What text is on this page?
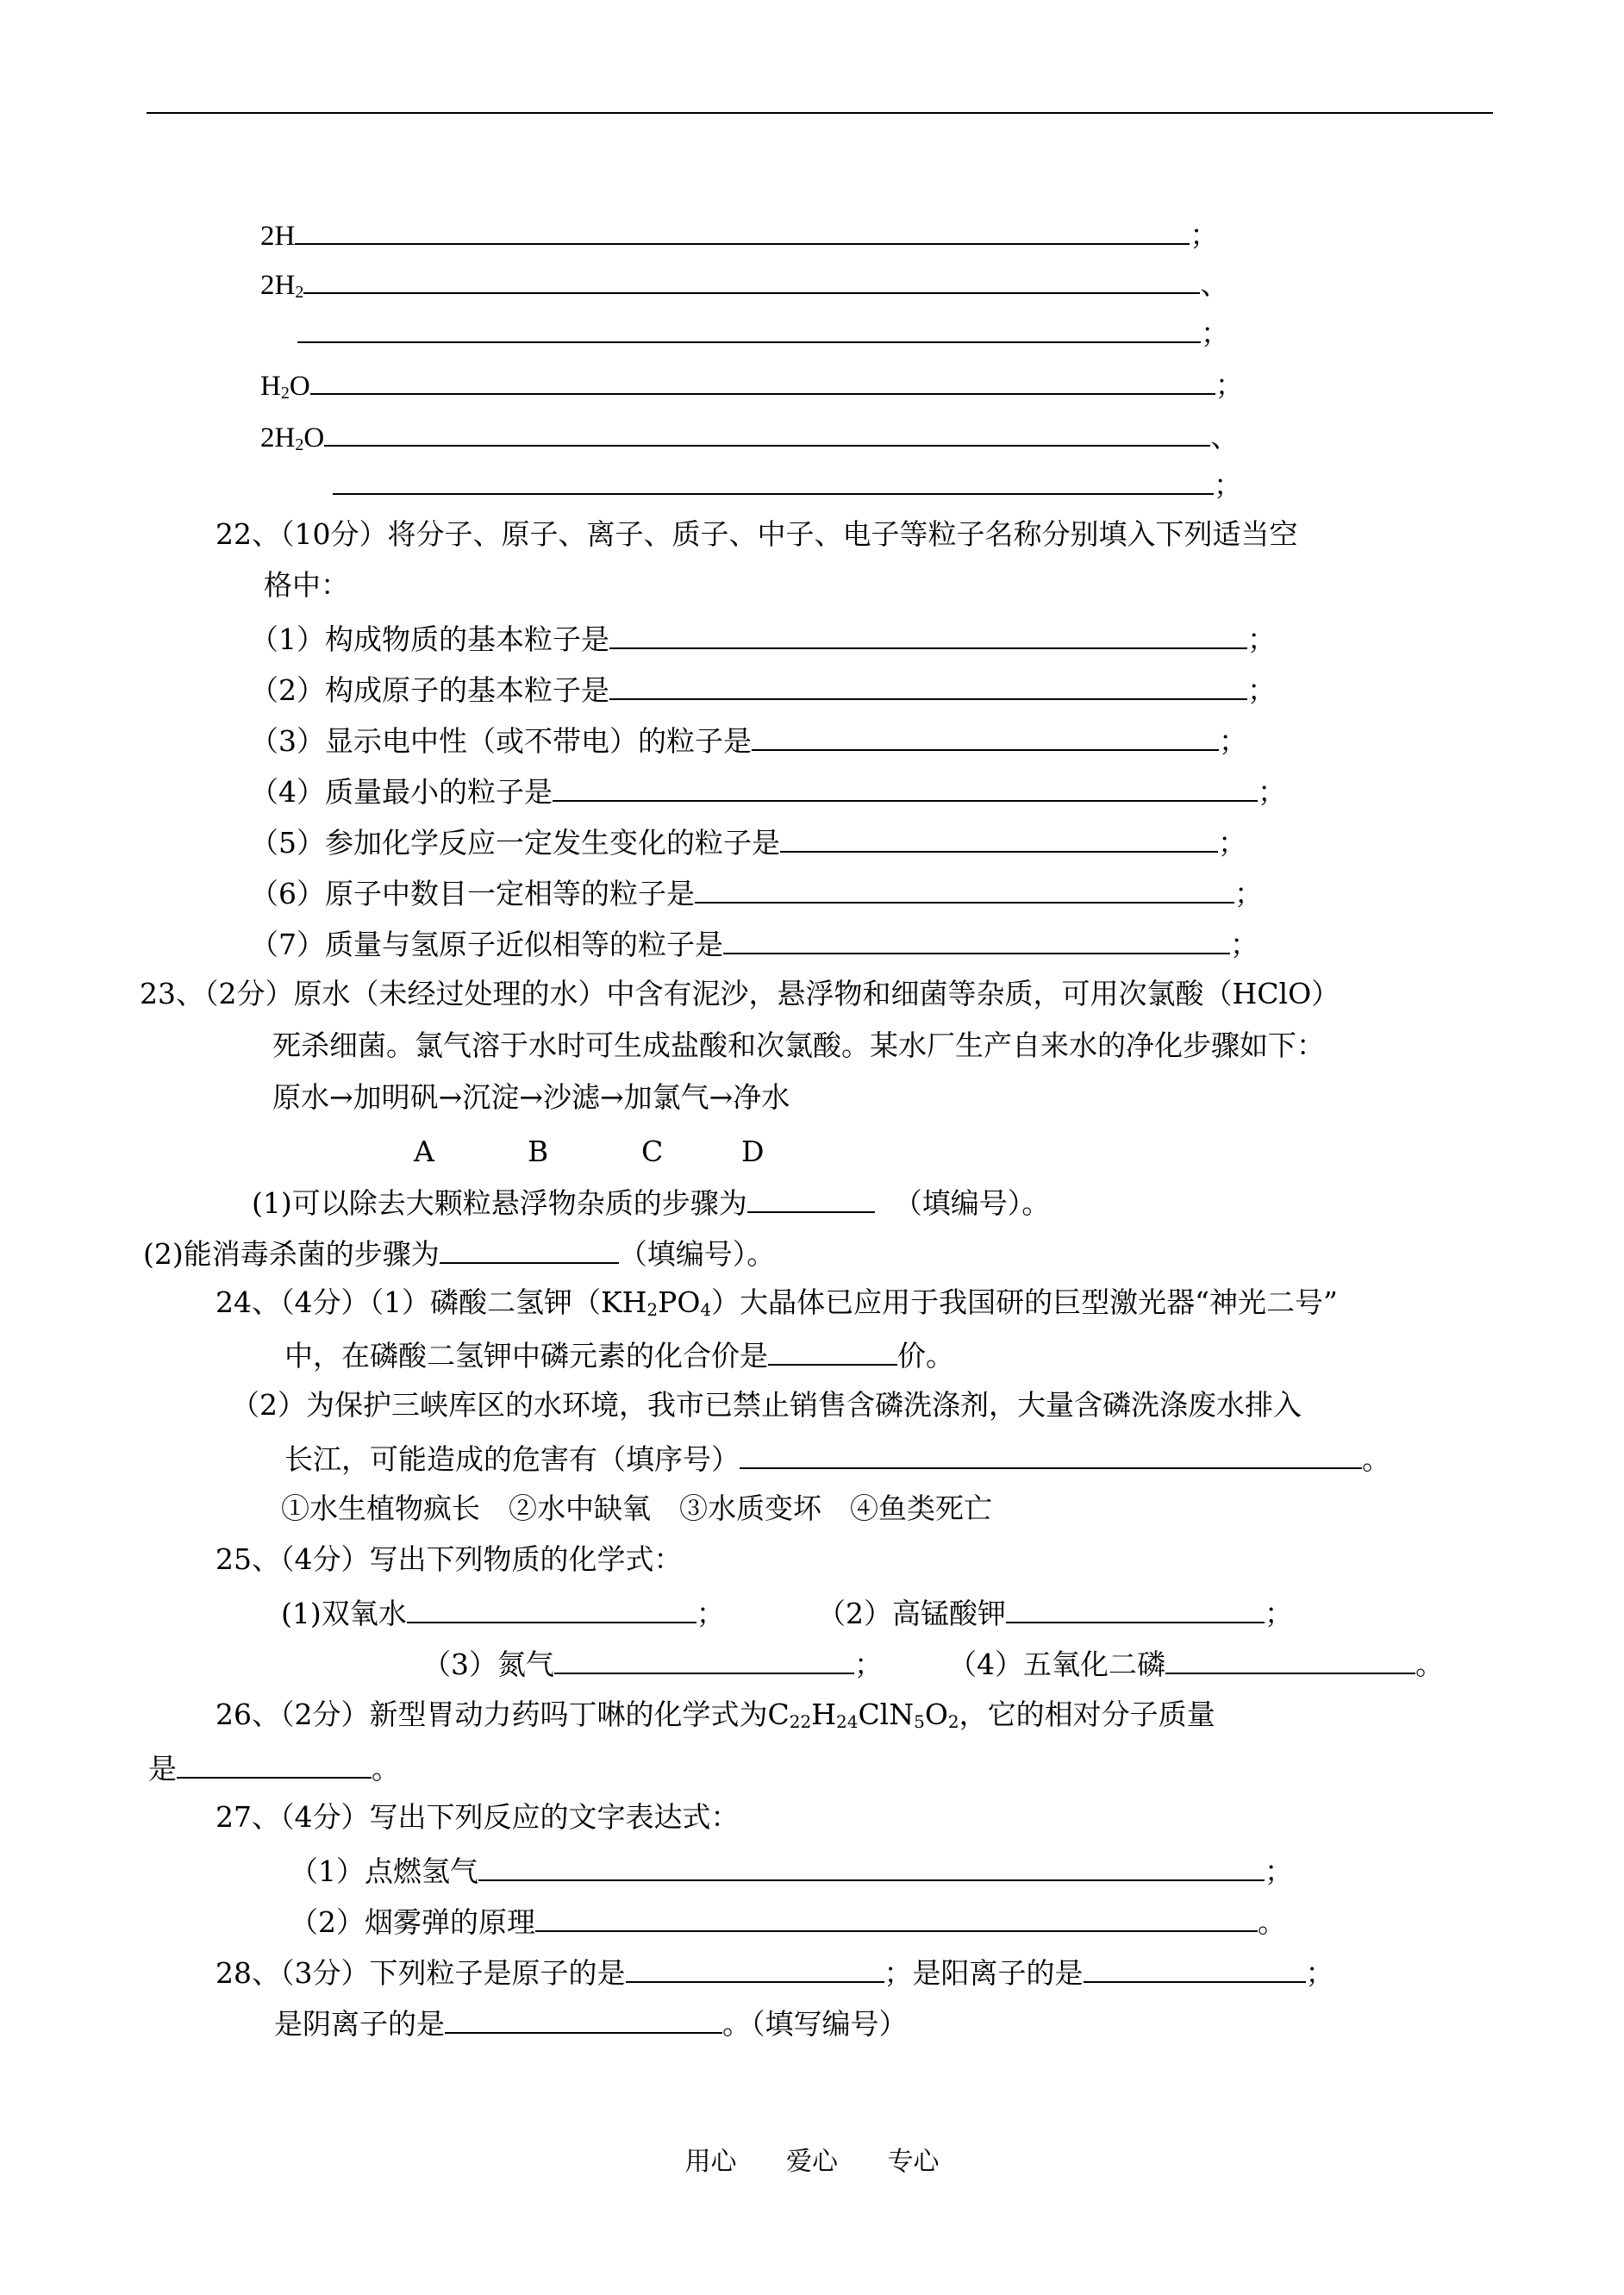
2H	；
$2H_2$	、
；
$H_2O$	；
$2H_2O$	、
；
22、（10分）将分子、原子、离子、质子、中子、电子等粒子名称分别填入下列适当空
格中：
（1）构成物质的基本粒子是	；
（2）构成原子的基本粒子是	；
（3）显示电中性（或不带电）的粒子是	；
（4）质量最小的粒子是	；
（5）参加化学反应一定发生变化的粒子是	；
（6）原子中数目一定相等的粒子是	；
（7）质量与氢原子近似相等的粒子是	；
23、（2分）原水（未经过处理的水）中含有泥沙，悬浮物和细菌等杂质，可用次氯酸（HClO）
死杀细菌。氯气溶于水时可生成盐酸和次氯酸。某水厂生产自来水的净化步骤如下：
原水→加明矾→沉淀→沙滤→加氯气→净水
A	B	C	D
(1)可以除去大颗粒悬浮物杂质的步骤为	（填编号）。
(2)能消毒杀菌的步骤为	（填编号）。
24、（4分）（1）磷酸二氢钾$(KH_2PO_4)$大晶体已应用于我国研的巨型激光器“神光二号”
中，在磷酸二氢钾中磷元素的化合价是	价。
（2）为保护三峡库区的水环境，我市已禁止销售含磷洗涤剂，大量含磷洗涤废水排入
长江，可能造成的危害有（填序号）	。
①水生植物疯长　②水中缺氧　③水质变坏　④鱼类死亡
25、（4分）写出下列物质的化学式：
(1)双氧水	；	（2）高锰酸钾	；
（3）氮气	； （4）五氧化二磷	。
26、（2分）新型胃动力药吗丁啉的化学式为$C_{22}H_{24}ClN_5O_2$，它的相对分子质量
是	。
27、（4分）写出下列反应的文字表达式：
（1）点燃氢气	；
（2）烟雾弹的原理	。
28、（3分）下列粒子是原子的是	；是阳离子的是	；
是阴离子的是	。（填写编号）
用心 爱心 专心
